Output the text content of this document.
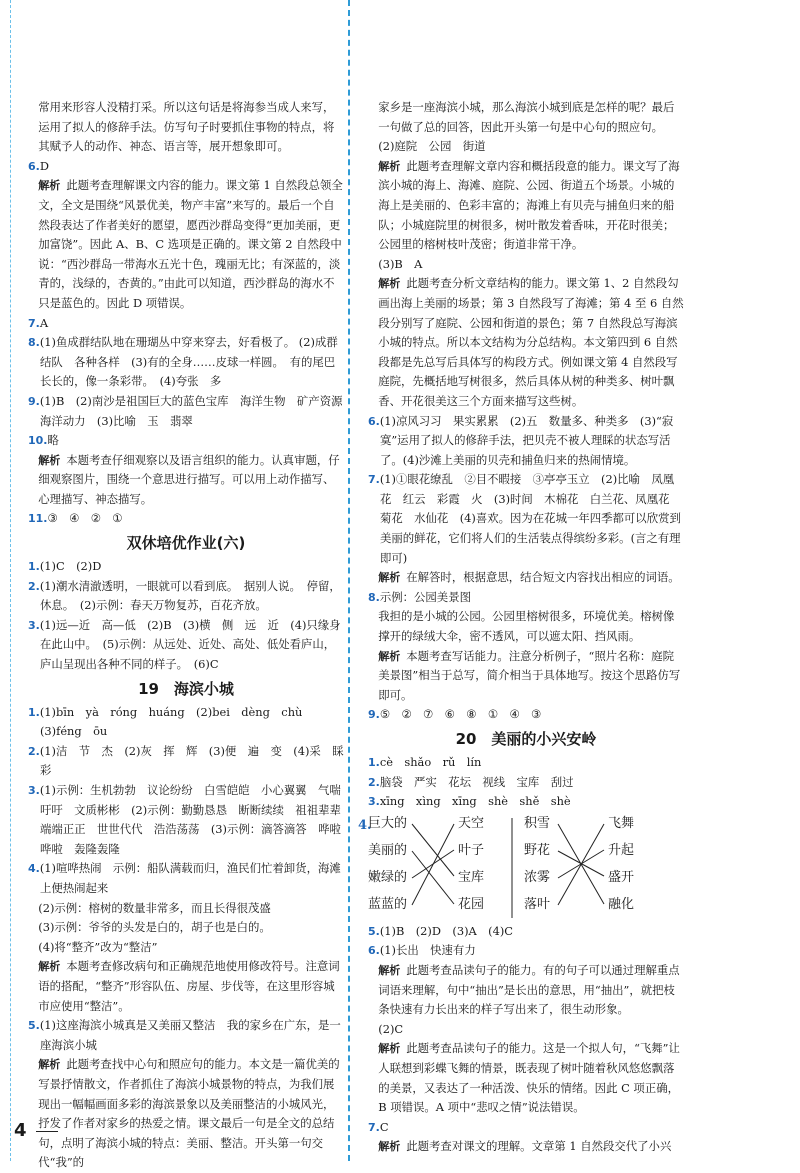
常用来形容人没精打采。所以这句话是将海参当成人来写，

运用了拟人的修辞手法。仿写句子时要抓住事物的特点，将

其赋予人的动作、神态、语言等，展开想象即可。

6.D

解析 此题考查理解课文内容的能力。课文第 1 自然段总领全文，全文是围绕“风景优美，物产丰富”来写的。最后一个自然段表达了作者美好的愿望，愿西沙群岛变得“更加美丽，更加富饶”。因此 A、B、C 选项是正确的。课文第 2 自然段中说：“西沙群岛一带海水五光十色，瑰丽无比；有深蓝的，淡青的，浅绿的，杏黄的。”由此可以知道，西沙群岛的海水不只是蓝色的。因此 D 项错误。

7.A

8.(1)鱼成群结队地在珊瑚丛中穿来穿去，好看极了。 (2)成群结队　各种各样　(3)有的全身……皮球一样圆。　有的尾巴长长的，像一条彩带。　(4)夸张　多

9.(1)B　(2)南沙是祖国巨大的蓝色宝库　海洋生物　矿产资源　海洋动力　(3)比喻　玉　翡翠

10.略

解析 本题考查仔细观察以及语言组织的能力。认真审题，仔细观察图片，围绕一个意思进行描写。可以用上动作描写、心理描写、神态描写。

11.③　④　②　①

双休培优作业(六)

1.(1)C　(2)D

2.(1)潮水清澈透明，一眼就可以看到底。　据别人说。　停留，休息。　(2)示例：春天万物复苏，百花齐放。

3.(1)远—近　高—低　(2)B　(3)横　侧　远　近　(4)只缘身在此山中。　(5)示例：从远处、近处、高处、低处看庐山，庐山呈现出各种不同的样子。　(6)C

19　海滨小城

1.(1)bīn　yà　róng　huáng　(2)bei　dèng　chù　(3)féng　ōu

2.(1)洁　节　杰　(2)灰　挥　辉　(3)便　遍　变　(4)采　睬　彩

3.(1)示例：生机勃勃　议论纷纷　白雪皑皑　小心翼翼　气喘吁吁　文质彬彬　(2)示例：勤勤恳恳　断断续续　祖祖辈辈　端端正正　世世代代　浩浩荡荡　(3)示例：滴答滴答　哗啦哗啦　轰隆轰隆

4.(1)喧哗热闹　示例：船队满载而归，渔民们忙着卸货，海滩上便热闹起来

(2)示例：榕树的数量非常多，而且长得很茂盛

(3)示例：爷爷的头发是白的，胡子也是白的。

(4)将“整齐”改为“整洁”

解析 本题考查修改病句和正确规范地使用修改符号。注意词语的搭配，“整齐”形容队伍、房屋、步伐等，在这里形容城市应使用“整洁”。

5.(1)这座海滨小城真是又美丽又整洁　我的家乡在广东，是一座海滨小城

解析 此题考查找中心句和照应句的能力。本文是一篇优美的写景抒情散文，作者抓住了海滨小城景物的特点，为我们展现出一幅幅画面多彩的海滨景象以及美丽整洁的小城风光，抒发了作者对家乡的热爱之情。课文最后一句是全文的总结句，点明了海滨小城的特点：美丽、整洁。开头第一句交代“我”的

家乡是一座海滨小城，那么海滨小城到底是怎样的呢？最后一句做了总的回答，因此开头第一句是中心句的照应句。

(2)庭院　公园　街道

解析 此题考查理解文章内容和概括段意的能力。课文写了海滨小城的海上、海滩、庭院、公园、街道五个场景。小城的海上是美丽的、色彩丰富的；海滩上有贝壳与捕鱼归来的船队；小城庭院里的树很多，树叶散发着香味，开花时很美；公园里的榕树枝叶茂密；街道非常干净。

(3)B　A

解析 此题考查分析文章结构的能力。课文第 1、2 自然段勾画出海上美丽的场景；第 3 自然段写了海滩；第 4 至 6 自然段分别写了庭院、公园和街道的景色；第 7 自然段总写海滨小城的特点。所以本文结构为分总结构。本文第四到 6 自然段都是先总写后具体写的构段方式。例如课文第 4 自然段写庭院，先概括地写树很多，然后具体从树的种类多、树叶飘香、开花很美这三个方面来描写这些树。

6.(1)凉风习习　果实累累　(2)五　数量多、种类多　(3)“寂寞”运用了拟人的修辞手法，把贝壳不被人理睬的状态写活了。(4)沙滩上美丽的贝壳和捕鱼归来的热闹情境。

7.(1)①眼花缭乱　②目不暇接　③亭亭玉立　(2)比喻　凤凰花　红云　彩霞　火　(3)时间　木棉花　白兰花、凤凰花　菊花　水仙花　(4)喜欢。因为在花城一年四季都可以欣赏到美丽的鲜花，它们将人们的生活装点得缤纷多彩。(言之有理即可)

解析 在解答时，根据意思，结合短文内容找出相应的词语。

8.示例：公园美景图

我担的是小城的公园。公园里榕树很多，环境优美。榕树像撑开的绿绒大伞，密不透风，可以遮太阳、挡风雨。

解析 本题考查写话能力。注意分析例子，“照片名称：庭院美景图”相当于总写，简介相当于具体地写。按这个思路仿写即可。

9.⑤　②　⑦　⑥　⑧　①　④　③

20　美丽的小兴安岭

1.cè　shǎo　rǔ　lín

2.脑袋　严实　花坛　视线　宝库　刮过

3.xīng　xìng　xīng　shè　shě　shè

4.
巨大的
美丽的
嫩绿的
蓝蓝的
天空
叶子
宝库
花园
积雪
野花
浓雾
落叶
飞舞
升起
盛开
融化

5.(1)B　(2)D　(3)A　(4)C

6.(1)长出　快速有力

解析 此题考查品读句子的能力。有的句子可以通过理解重点词语来理解，句中“抽出”是长出的意思，用“抽出”，就把枝条快速有力长出来的样子写出来了，很生动形象。

(2)C

解析 此题考查品读句子的能力。这是一个拟人句，“飞舞”让人联想到彩蝶飞舞的情景，既表现了树叶随着秋风悠悠飘落的美景，又表达了一种活泼、快乐的情绪。因此 C 项正确，B 项错误。A 项中“悲叹之情”说法错误。

7.C

解析 此题考查对课文的理解。文章第 1 自然段交代了小兴

4
